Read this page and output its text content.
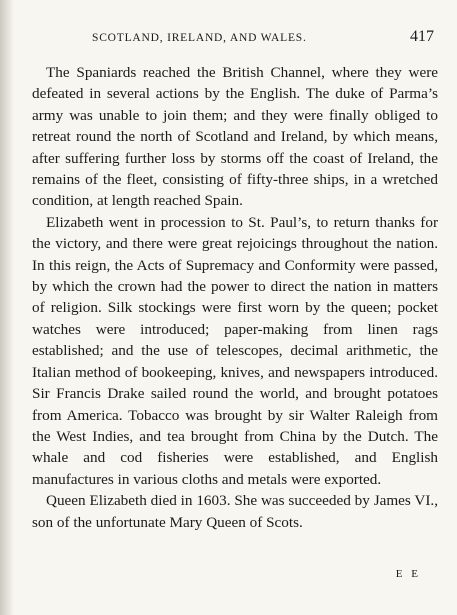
SCOTLAND, IRELAND, AND WALES.	417

The Spaniards reached the British Channel, where they were defeated in several actions by the English. The duke of Parma’s army was unable to join them; and they were finally obliged to retreat round the north of Scotland and Ireland, by which means, after suffering further loss by storms off the coast of Ireland, the remains of the fleet, consisting of fifty-three ships, in a wretched condition, at length reached Spain.

Elizabeth went in procession to St. Paul’s, to return thanks for the victory, and there were great rejoicings throughout the nation. In this reign, the Acts of Supremacy and Conformity were passed, by which the crown had the power to direct the nation in matters of religion. Silk stockings were first worn by the queen; pocket watches were introduced; paper-making from linen rags established; and the use of telescopes, decimal arithmetic, the Italian method of bookeeping, knives, and newspapers introduced. Sir Francis Drake sailed round the world, and brought potatoes from America. Tobacco was brought by sir Walter Raleigh from the West Indies, and tea brought from China by the Dutch. The whale and cod fisheries were established, and English manufactures in various cloths and metals were exported.

Queen Elizabeth died in 1603. She was succeeded by James VI., son of the unfortunate Mary Queen of Scots.

E E
